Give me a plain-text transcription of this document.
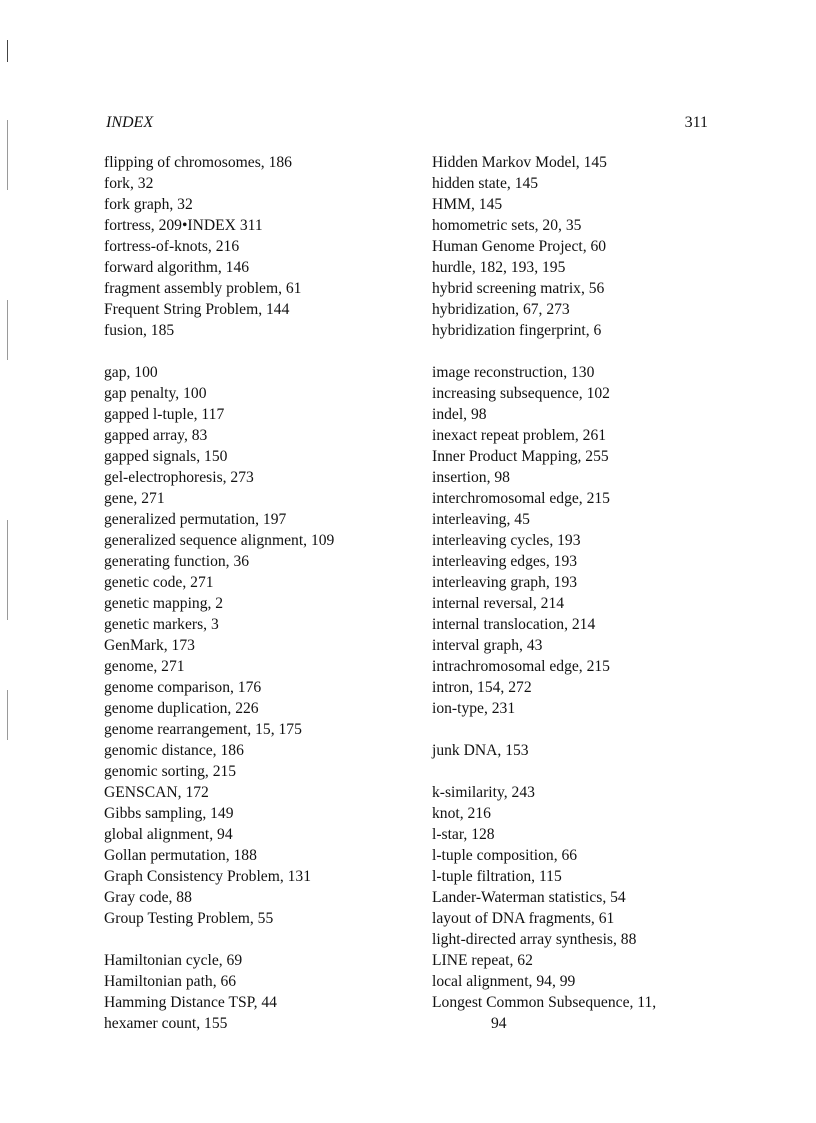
INDEX	311
flipping of chromosomes, 186
fork, 32
fork graph, 32
fortress, 209•INDEX 311
fortress-of-knots, 216
forward algorithm, 146
fragment assembly problem, 61
Frequent String Problem, 144
fusion, 185
gap, 100
gap penalty, 100
gapped l-tuple, 117
gapped array, 83
gapped signals, 150
gel-electrophoresis, 273
gene, 271
generalized permutation, 197
generalized sequence alignment, 109
generating function, 36
genetic code, 271
genetic mapping, 2
genetic markers, 3
GenMark, 173
genome, 271
genome comparison, 176
genome duplication, 226
genome rearrangement, 15, 175
genomic distance, 186
genomic sorting, 215
GENSCAN, 172
Gibbs sampling, 149
global alignment, 94
Gollan permutation, 188
Graph Consistency Problem, 131
Gray code, 88
Group Testing Problem, 55
Hamiltonian cycle, 69
Hamiltonian path, 66
Hamming Distance TSP, 44
hexamer count, 155
Hidden Markov Model, 145
hidden state, 145
HMM, 145
homometric sets, 20, 35
Human Genome Project, 60
hurdle, 182, 193, 195
hybrid screening matrix, 56
hybridization, 67, 273
hybridization fingerprint, 6
image reconstruction, 130
increasing subsequence, 102
indel, 98
inexact repeat problem, 261
Inner Product Mapping, 255
insertion, 98
interchromosomal edge, 215
interleaving, 45
interleaving cycles, 193
interleaving edges, 193
interleaving graph, 193
internal reversal, 214
internal translocation, 214
interval graph, 43
intrachromosomal edge, 215
intron, 154, 272
ion-type, 231
junk DNA, 153
k-similarity, 243
knot, 216
l-star, 128
l-tuple composition, 66
l-tuple filtration, 115
Lander-Waterman statistics, 54
layout of DNA fragments, 61
light-directed array synthesis, 88
LINE repeat, 62
local alignment, 94, 99
Longest Common Subsequence, 11,
94
